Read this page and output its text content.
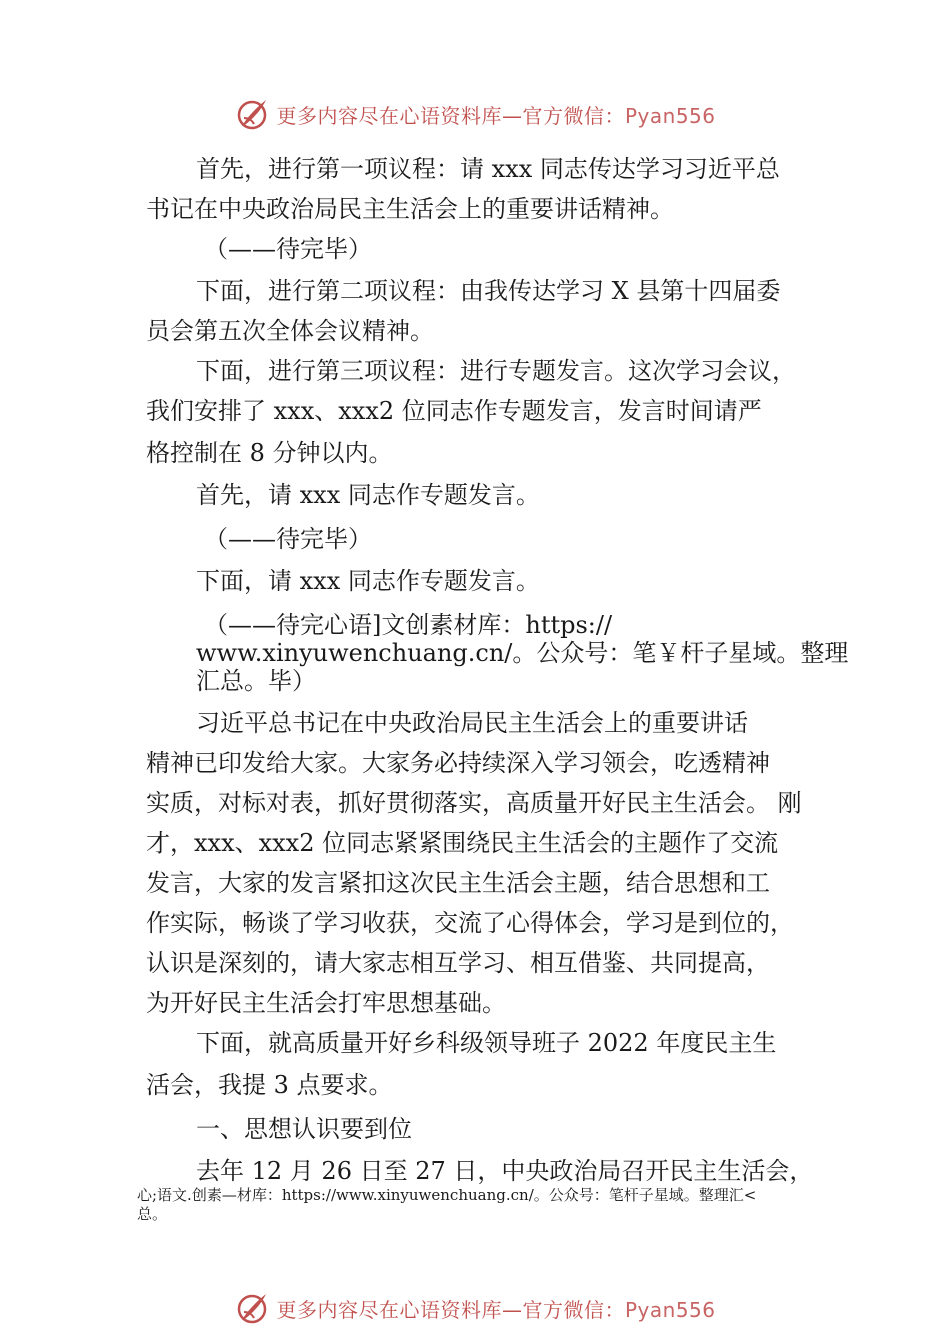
更多内容尽在心语资料库—官方微信：Pyan556
首先，进行第一项议程：请 xxx 同志传达学习习近平总
书记在中央政治局民主生活会上的重要讲话精神。
（——待完毕）
下面，进行第二项议程：由我传达学习 X 县第十四届委
员会第五次全体会议精神。
下面，进行第三项议程：进行专题发言。这次学习会议，
我们安排了 xxx、xxx2 位同志作专题发言，发言时间请严
格控制在 8 分钟以内。
首先，请 xxx 同志作专题发言。
（——待完毕）
下面，请 xxx 同志作专题发言。
（——待完心语]文创素材库：https://
www.xinyuwenchuang.cn/。公众号：笔￥杆子星域。整理
汇总。毕）
习近平总书记在中央政治局民主生活会上的重要讲话
精神已印发给大家。大家务必持续深入学习领会，吃透精神
实质，对标对表，抓好贯彻落实，高质量开好民主生活会。 刚
才，xxx、xxx2 位同志紧紧围绕民主生活会的主题作了交流
发言，大家的发言紧扣这次民主生活会主题，结合思想和工
作实际，畅谈了学习收获，交流了心得体会，学习是到位的，
认识是深刻的，请大家志相互学习、相互借鉴、共同提高，
为开好民主生活会打牢思想基础。
下面，就高质量开好乡科级领导班子 2022 年度民主生
活会，我提 3 点要求。
一、思想认识要到位
去年 12 月 26 日至 27 日，中央政治局召开民主生活会，
心;语文.创素—材库：https://www.xinyuwenchuang.cn/。公众号：笔杆子星域。整理汇<
总。
更多内容尽在心语资料库—官方微信：Pyan556
